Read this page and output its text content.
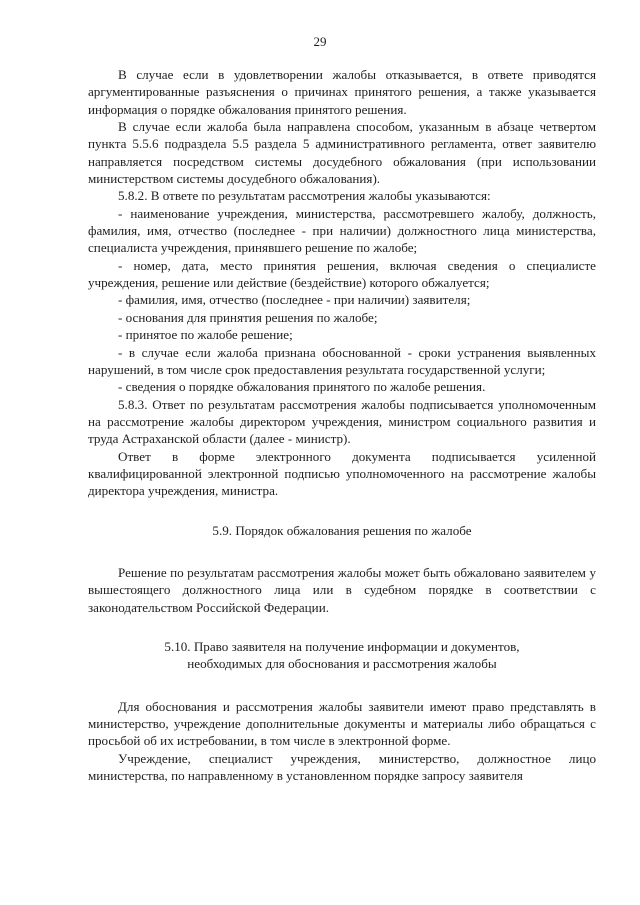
29

В случае если в удовлетворении жалобы отказывается, в ответе приводятся аргументированные разъяснения о причинах принятого решения, а также указывается информация о порядке обжалования принятого решения.

В случае если жалоба была направлена способом, указанным в абзаце четвертом пункта 5.5.6 подраздела 5.5 раздела 5 административного регламента, ответ заявителю направляется посредством системы досудебного обжалования (при использовании министерством системы досудебного обжалования).

5.8.2. В ответе по результатам рассмотрения жалобы указываются:

- наименование учреждения, министерства, рассмотревшего жалобу, должность, фамилия, имя, отчество (последнее - при наличии) должностного лица министерства, специалиста учреждения, принявшего решение по жалобе;

- номер, дата, место принятия решения, включая сведения о специалисте учреждения, решение или действие (бездействие) которого обжалуется;

- фамилия, имя, отчество (последнее - при наличии) заявителя;

- основания для принятия решения по жалобе;

- принятое по жалобе решение;

- в случае если жалоба признана обоснованной - сроки устранения выявленных нарушений, в том числе срок предоставления результата государственной услуги;

- сведения о порядке обжалования принятого по жалобе решения.

5.8.3. Ответ по результатам рассмотрения жалобы подписывается уполномоченным на рассмотрение жалобы директором учреждения, министром социального развития и труда Астраханской области (далее - министр).

Ответ в форме электронного документа подписывается усиленной квалифицированной электронной подписью уполномоченного на рассмотрение жалобы директора учреждения, министра.

5.9. Порядок обжалования решения по жалобе

Решение по результатам рассмотрения жалобы может быть обжаловано заявителем у вышестоящего должностного лица или в судебном порядке в соответствии с законодательством Российской Федерации.

5.10. Право заявителя на получение информации и документов,
необходимых для обоснования и рассмотрения жалобы

Для обоснования и рассмотрения жалобы заявители имеют право представлять в министерство, учреждение дополнительные документы и материалы либо обращаться с просьбой об их истребовании, в том числе в электронной форме.

Учреждение, специалист учреждения, министерство, должностное лицо министерства, по направленному в установленном порядке запросу заявителя
